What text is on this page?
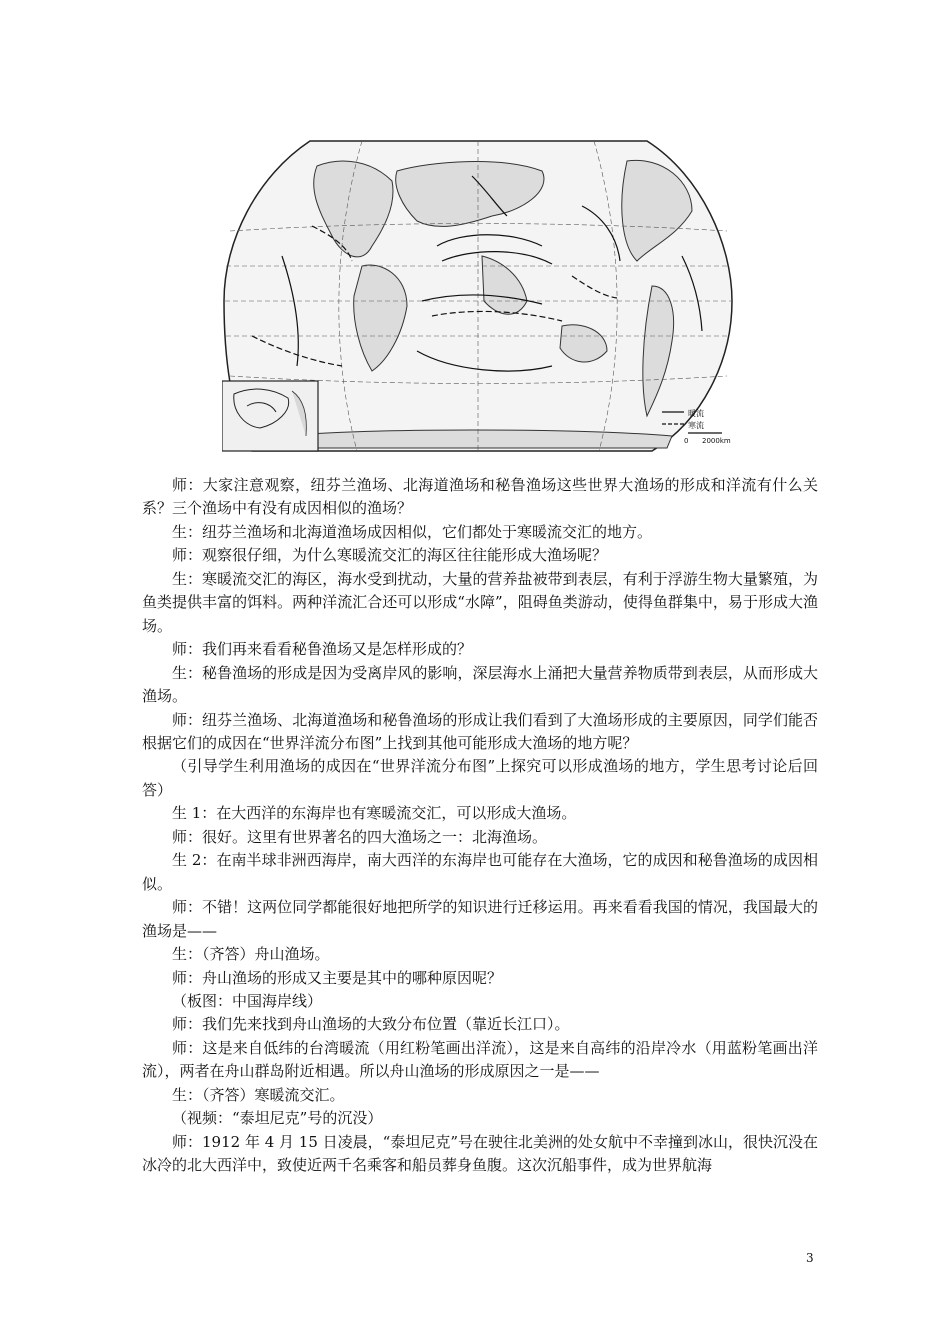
暖流
寒流
0 2000km

师：大家注意观察，纽芬兰渔场、北海道渔场和秘鲁渔场这些世界大渔场的形成和洋流有什么关系？三个渔场中有没有成因相似的渔场？

生：纽芬兰渔场和北海道渔场成因相似，它们都处于寒暖流交汇的地方。

师：观察很仔细，为什么寒暖流交汇的海区往往能形成大渔场呢？

生：寒暖流交汇的海区，海水受到扰动，大量的营养盐被带到表层，有利于浮游生物大量繁殖，为鱼类提供丰富的饵料。两种洋流汇合还可以形成“水障”，阻碍鱼类游动，使得鱼群集中，易于形成大渔场。

师：我们再来看看秘鲁渔场又是怎样形成的？

生：秘鲁渔场的形成是因为受离岸风的影响，深层海水上涌把大量营养物质带到表层，从而形成大渔场。

师：纽芬兰渔场、北海道渔场和秘鲁渔场的形成让我们看到了大渔场形成的主要原因，同学们能否根据它们的成因在“世界洋流分布图”上找到其他可能形成大渔场的地方呢？

（引导学生利用渔场的成因在“世界洋流分布图”上探究可以形成渔场的地方，学生思考讨论后回答）

生 1：在大西洋的东海岸也有寒暖流交汇，可以形成大渔场。

师：很好。这里有世界著名的四大渔场之一：北海渔场。

生 2：在南半球非洲西海岸，南大西洋的东海岸也可能存在大渔场，它的成因和秘鲁渔场的成因相似。

师：不错！这两位同学都能很好地把所学的知识进行迁移运用。再来看看我国的情况，我国最大的渔场是——

生：（齐答）舟山渔场。

师：舟山渔场的形成又主要是其中的哪种原因呢？

（板图：中国海岸线）

师：我们先来找到舟山渔场的大致分布位置（靠近长江口）。

师：这是来自低纬的台湾暖流（用红粉笔画出洋流），这是来自高纬的沿岸冷水（用蓝粉笔画出洋流），两者在舟山群岛附近相遇。所以舟山渔场的形成原因之一是——

生：（齐答）寒暖流交汇。

（视频：“泰坦尼克”号的沉没）

师：1912 年 4 月 15 日凌晨，“泰坦尼克”号在驶往北美洲的处女航中不幸撞到冰山，很快沉没在冰冷的北大西洋中，致使近两千名乘客和船员葬身鱼腹。这次沉船事件，成为世界航海

3
